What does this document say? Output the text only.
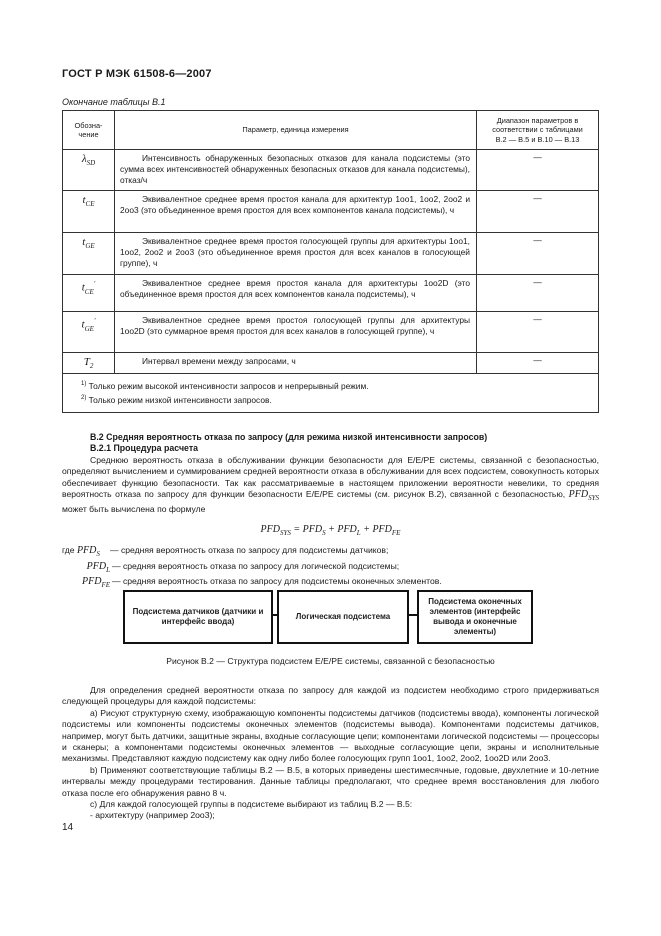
ГОСТ Р МЭК 61508-6—2007
Окончание таблицы B.1
Обозна-
чение	Параметр, единица измерения	Диапазон параметров в
соответствии с таблицами
B.2 — B.5 и B.10 — B.13
$\lambda_{SD}$	Интенсивность обнаруженных безопасных отказов для канала подсистемы (это сумма всех интенсивностей обнаруженных безопасных отказов для канала подсистемы), отказ/ч	—
$t_{CE}$	Эквивалентное среднее время простоя канала для архитектур 1oo1, 1oo2, 2oo2 и 2oo3 (это объединенное время простоя для всех компонентов канала подсистемы), ч	—
$t_{GE}$	Эквивалентное среднее время простоя голосующей группы для архитектуры 1oo1, 1oo2, 2oo2 и 2oo3 (это объединенное время простоя для всех каналов в голосующей группе), ч	—
$t_{CE}'$	Эквивалентное среднее время простоя канала для архитектуры 1oo2D (это объединенное время простоя для всех компонентов канала подсистемы), ч	—
$t_{GE}'$	Эквивалентное среднее время простоя голосующей группы для архитектуры 1oo2D (это суммарное время простоя для всех каналов в голосующей группе), ч	—
$T_2$	Интервал времени между запросами, ч	—

$^{1)}$ Только режим высокой интенсивности запросов и непрерывный режим.
$^{2)}$ Только режим низкой интенсивности запросов.		
B.2 Средняя вероятность отказа по запросу (для режима низкой интенсивности запросов)
B.2.1 Процедура расчета
Среднюю вероятность отказа в обслуживании функции безопасности для E/E/PE системы, связанной с безопасностью, определяют вычислением и суммированием средней вероятности отказа в обслуживании для всех подсистем, совокупность которых обеспечивает функцию безопасности. Так как рассматриваемые в настоящем приложении вероятности невелики, то средняя вероятность отказа по запросу для функции безопасности E/E/PE системы (см. рисунок B.2), связанной с безопасностью, $PFD_{SYS}$ может быть вычислена по формуле
$PFD_{SYS} = PFD_S + PFD_L + PFD_{FE}$
где $PFD_S$ — средняя вероятность отказа по запросу для подсистемы датчиков;
$PFD_L$ — средняя вероятность отказа по запросу для логической подсистемы;
$PFD_{FE}$ — средняя вероятность отказа по запросу для подсистемы оконечных элементов.
Подсистема датчиков (датчики и интерфейс ввода)
Логическая подсистема
Подсистема оконечных элементов (интерфейс вывода и оконечные элементы)
Рисунок B.2 — Структура подсистем E/E/PE системы, связанной с безопасностью
Для определения средней вероятности отказа по запросу для каждой из подсистем необходимо строго придерживаться следующей процедуры для каждой подсистемы:
a) Рисуют структурную схему, изображающую компоненты подсистемы датчиков (подсистемы ввода), компоненты логической подсистемы или компоненты подсистемы оконечных элементов (подсистемы вывода). Компонентами подсистемы датчиков, например, могут быть датчики, защитные экраны, входные согласующие цепи; компонентами логической подсистемы — процессоры и сканеры; а компонентами подсистемы оконечных элементов — выходные согласующие цепи, экраны и исполнительные механизмы. Представляют каждую подсистему как одну либо более голосующих групп 1oo1, 1oo2, 2oo2, 1oo2D или 2oo3.
b) Применяют соответствующие таблицы B.2 — B.5, в которых приведены шестимесячные, годовые, двухлетние и 10-летние интервалы между процедурами тестирования. Данные таблицы предполагают, что среднее время восстановления для любого отказа после его обнаружения равно 8 ч.
c) Для каждой голосующей группы в подсистеме выбирают из таблиц B.2 — B.5:
- архитектуру (например 2oo3);
14
